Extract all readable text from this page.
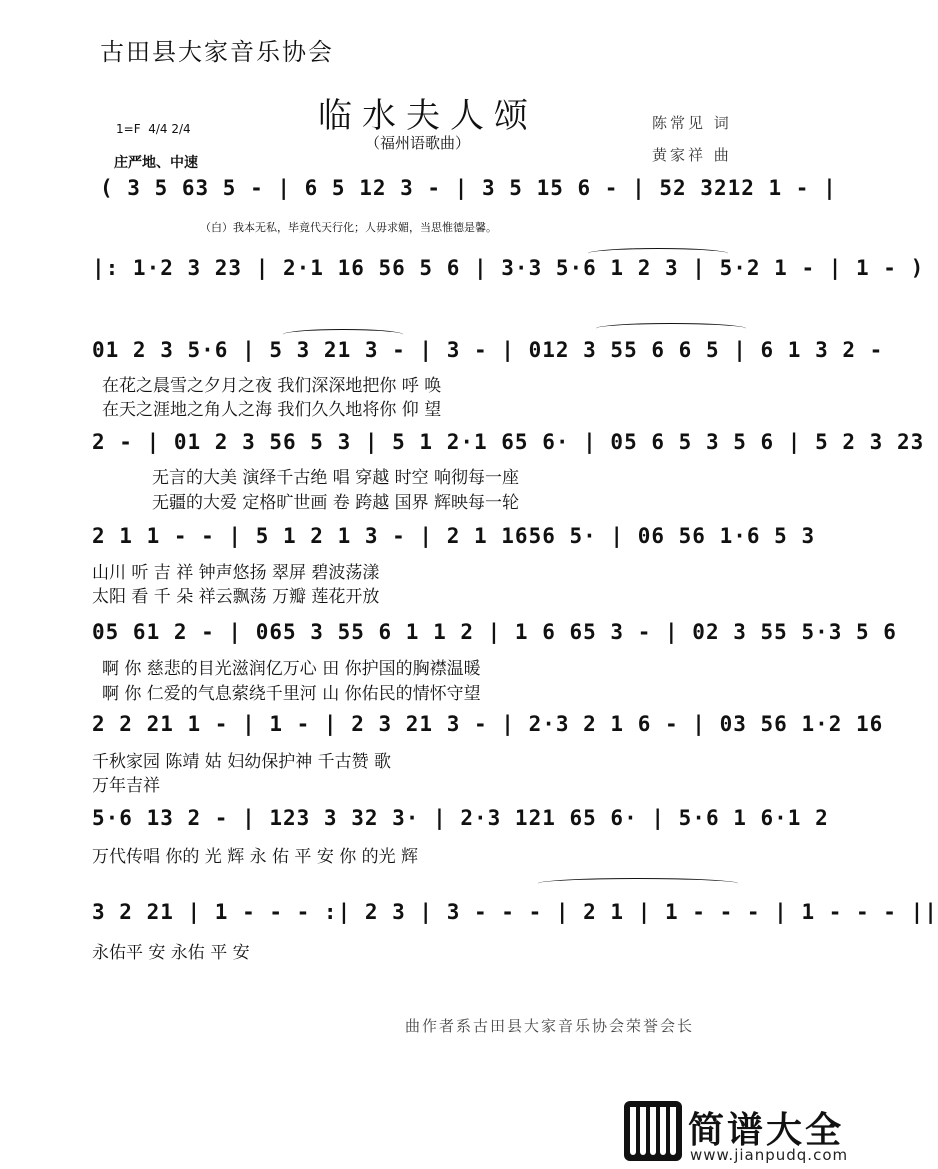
古田县大家音乐协会
临水夫人颂
（福州语歌曲）
陈常见 词
黄家祥 曲
1=F 4/4 2/4
庄严地、中速
( 3 5 63 5 - | 6 5 12 3 - | 3 5 15 6 - | 52 3212 1 - |
（白）我本无私，毕竟代天行化；人毋求媚，当思惟德是馨。
|: 1·2 3 23 | 2·1 16 56 5 6 | 3·3 5·6 1 2 3 | 5·2 1 - | 1 - )
01 2 3 5·6 | 5 3 21 3 - | 3 - | 012 3 55 6 6 5 | 6 1 3 2 -
在花之晨雪之夕月之夜 我们深深地把你 呼 唤
在天之涯地之角人之海 我们久久地将你 仰 望
2 - | 01 2 3 56 5 3 | 5 1 2·1 65 6· | 05 6 5 3 5 6 | 5 2 3 23
无言的大美 演绎千古绝 唱 穿越 时空 响彻每一座
无疆的大爱 定格旷世画 卷 跨越 国界 辉映每一轮
2 1 1 - - | 5 1 2 1 3 - | 2 1 1656 5· | 06 56 1·6 5 3
山川 听 吉 祥 钟声悠扬 翠屏 碧波荡漾
太阳 看 千 朵 祥云飘荡 万瓣 莲花开放
05 61 2 - | 065 3 55 6 1 1 2 | 1 6 65 3 - | 02 3 55 5·3 5 6
啊 你 慈悲的目光滋润亿万心 田 你护国的胸襟温暖
啊 你 仁爱的气息萦绕千里河 山 你佑民的情怀守望
2 2 21 1 - | 1 - | 2 3 21 3 - | 2·3 2 1 6 - | 03 56 1·2 16
千秋家园 陈靖 姑 妇幼保护神 千古赞 歌
万年吉祥
5·6 13 2 - | 123 3 32 3· | 2·3 121 65 6· | 5·6 1 6·1 2
万代传唱 你的 光 辉 永 佑 平 安 你 的光 辉
3 2 21 | 1 - - - :| 2 3 | 3 - - - | 2 1 | 1 - - - | 1 - - - ||
永佑平 安 永佑 平 安
曲作者系古田县大家音乐协会荣誉会长
简谱大全
www.jianpudq.com
